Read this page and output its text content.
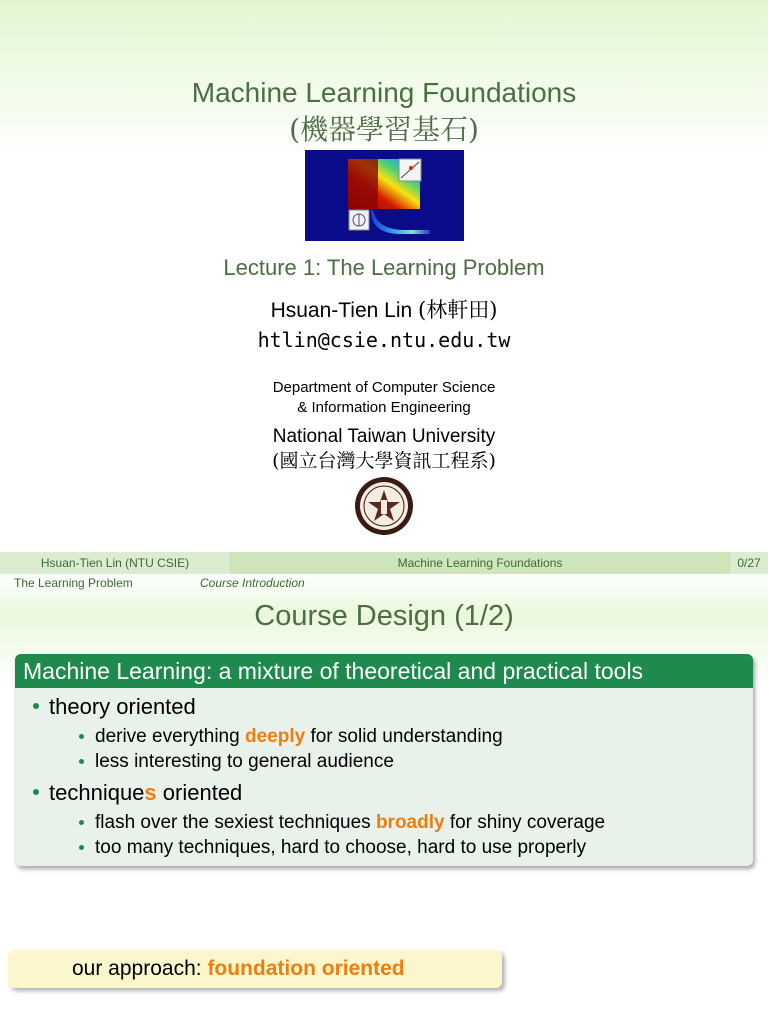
Machine Learning Foundations
(機器學習基石)
Lecture 1: The Learning Problem
Hsuan-Tien Lin (林軒田)
htlin@csie.ntu.edu.tw
Department of Computer Science
& Information Engineering
National Taiwan University
(國立台灣大學資訊工程系)
Hsuan-Tien Lin (NTU CSIE)	Machine Learning Foundations	0/27
The Learning Problem	Course Introduction
Course Design (1/2)
Machine Learning: a mixture of theoretical and practical tools
theory oriented
derive everything deeply for solid understanding
less interesting to general audience
techniques oriented
flash over the sexiest techniques broadly for shiny coverage
too many techniques, hard to choose, hard to use properly
our approach: foundation oriented
